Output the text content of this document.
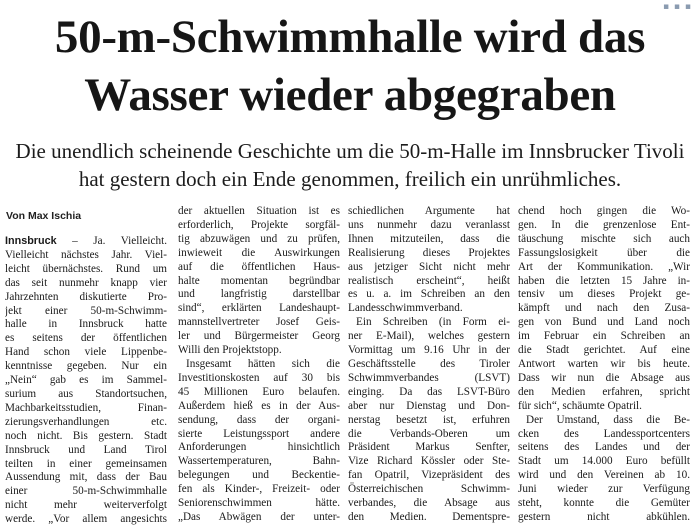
▪ ▪ ▪
50-m-Schwimmhalle wird das Wasser wieder abgegraben
Die unendlich scheinende Geschichte um die 50-m-Halle im Innsbrucker Tivoli hat gestern doch ein Ende genommen, freilich ein unrühmliches.
Von Max Ischia
Innsbruck – Ja. Vielleicht.
Vielleicht nächstes Jahr. Viel-
leicht übernächstes. Rund um
das seit nunmehr knapp vier
Jahrzehnten diskutierte Pro-
jekt einer 50-m-Schwimm-
halle in Innsbruck hatte
es seitens der öffentlichen
Hand schon viele Lippenbe-
kenntnisse gegeben. Nur ein
„Nein“ gab es im Sammel-
surium aus Standortsuchen,
Machbarkeitsstudien, Finan-
zierungsverhandlungen etc.
noch nicht. Bis gestern. Stadt
Innsbruck und Land Tirol
teilten in einer gemeinsamen
Aussendung mit, dass der Bau
einer 50-m-Schwimmhalle
nicht mehr weiterverfolgt
werde. „Vor allem angesichts
der aktuellen Situation ist es
erforderlich, Projekte sorgfäl-
tig abzuwägen und zu prüfen,
inwieweit die Auswirkungen
auf die öffentlichen Haus-
halte momentan begründbar
und langfristig darstellbar
sind“, erklärten Landeshaupt-
mannstellvertreter Josef Geis-
ler und Bürgermeister Georg
Willi den Projektstopp.
Insgesamt hätten sich die
Investitionskosten auf 30 bis
45 Millionen Euro belaufen.
Außerdem hieß es in der Aus-
sendung, dass der organi-
sierte Leistungssport andere
Anforderungen hinsichtlich
Wassertemperaturen, Bahn-
belegungen und Beckentie-
fen als Kinder-, Freizeit- oder
Seniorenschwimmen hätte.
„Das Abwägen der unter-
schiedlichen Argumente hat
uns nunmehr dazu veranlasst
Ihnen mitzuteilen, dass die
Realisierung dieses Projektes
aus jetziger Sicht nicht mehr
realistisch erscheint“, heißt
es u. a. im Schreiben an den
Landesschwimmverband.
Ein Schreiben (in Form ei-
ner E-Mail), welches gestern
Vormittag um 9.16 Uhr in der
Geschäftsstelle des Tiroler
Schwimmverbandes (LSVT)
einging. Da das LSVT-Büro
aber nur Dienstag und Don-
nerstag besetzt ist, erfuhren
die Verbands-Oberen um
Präsident Markus Senfter,
Vize Richard Kössler oder Ste-
fan Opatril, Vizepräsident des
Österreichischen Schwimm-
verbandes, die Absage aus
den Medien. Dementspre-
chend hoch gingen die Wo-
gen. In die grenzenlose Ent-
täuschung mischte sich auch
Fassungslosigkeit über die
Art der Kommunikation. „Wir
haben die letzten 15 Jahre in-
tensiv um dieses Projekt ge-
kämpft und nach den Zusa-
gen von Bund und Land noch
im Februar ein Schreiben an
die Stadt gerichtet. Auf eine
Antwort warten wir bis heute.
Dass wir nun die Absage aus
den Medien erfahren, spricht
für sich“, schäumte Opatril.
Der Umstand, dass die Be-
cken des Landessportcenters
seitens des Landes und der
Stadt um 14.000 Euro befüllt
wird und den Vereinen ab 10.
Juni wieder zur Verfügung
steht, konnte die Gemüter
gestern nicht abkühlen.
